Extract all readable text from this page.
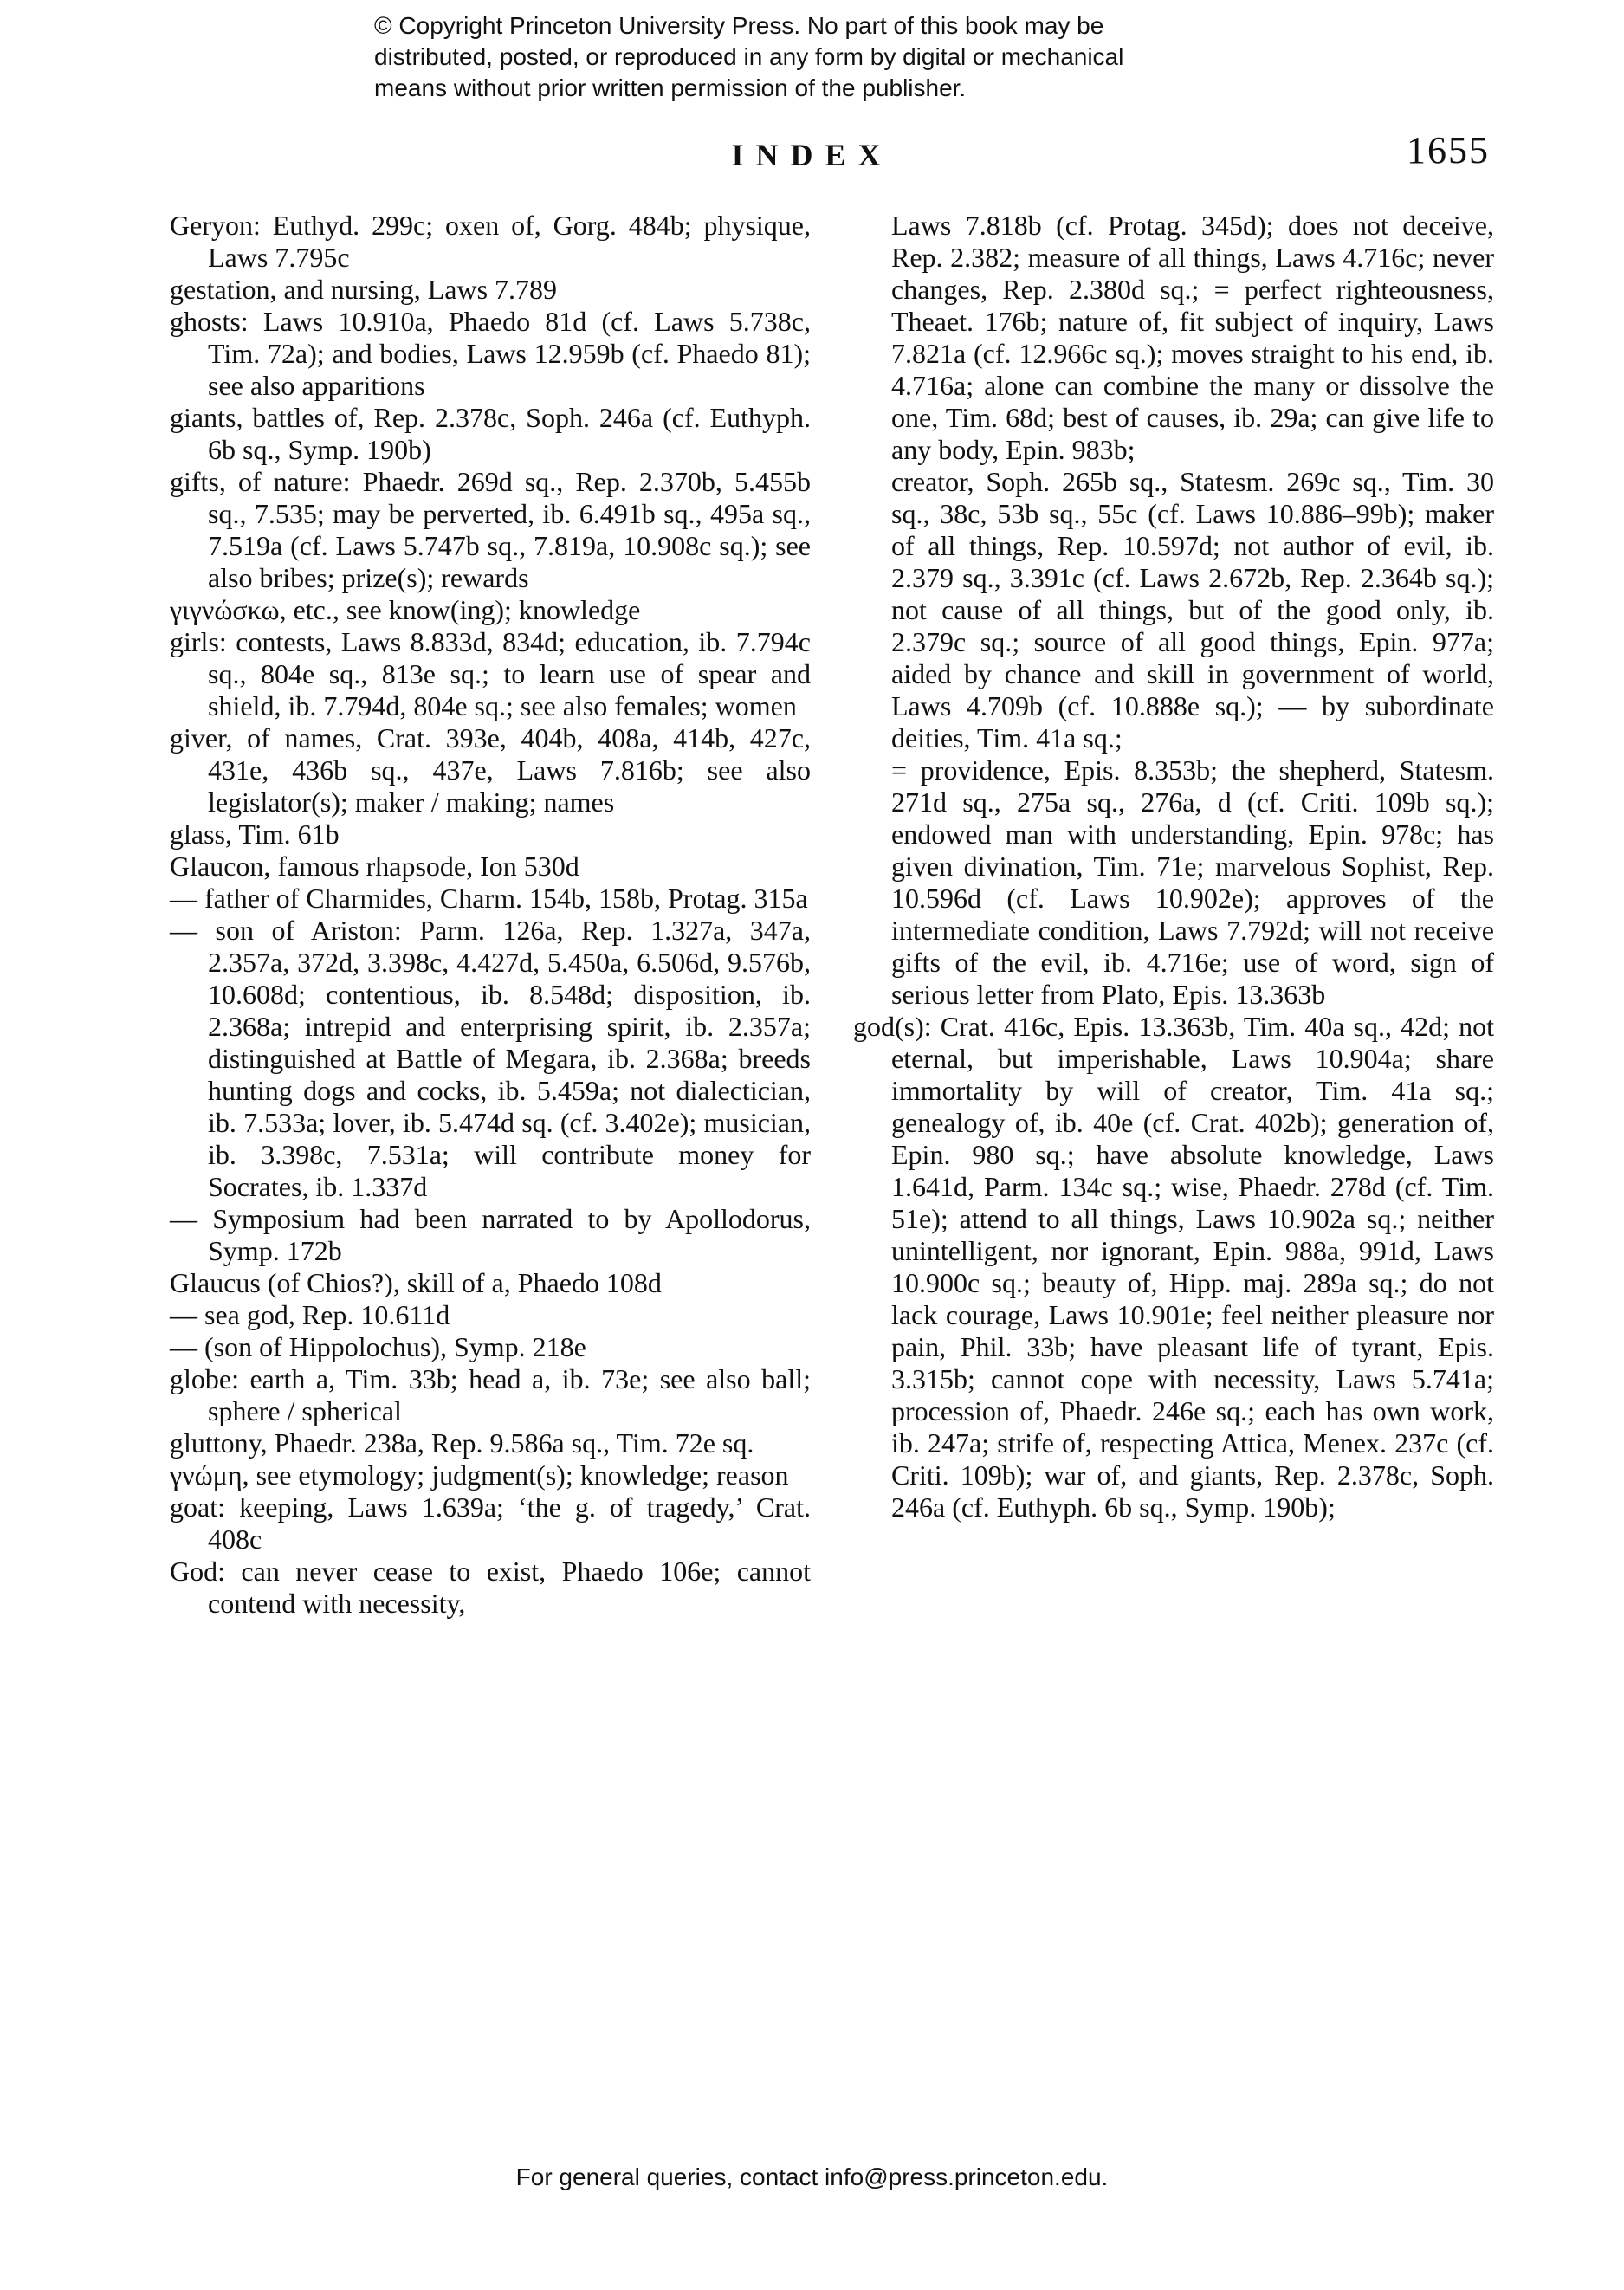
© Copyright Princeton University Press. No part of this book may be
distributed, posted, or reproduced in any form by digital or mechanical
means without prior written permission of the publisher.
INDEX	1655
Geryon: Euthyd. 299c; oxen of, Gorg. 484b; physique, Laws 7.795c
gestation, and nursing, Laws 7.789
ghosts: Laws 10.910a, Phaedo 81d (cf. Laws 5.738c, Tim. 72a); and bodies, Laws 12.959b (cf. Phaedo 81); see also apparitions
giants, battles of, Rep. 2.378c, Soph. 246a (cf. Euthyph. 6b sq., Symp. 190b)
gifts, of nature: Phaedr. 269d sq., Rep. 2.370b, 5.455b sq., 7.535; may be perverted, ib. 6.491b sq., 495a sq., 7.519a (cf. Laws 5.747b sq., 7.819a, 10.908c sq.); see also bribes; prize(s); rewards
γιγνώσκω, etc., see know(ing); knowledge
girls: contests, Laws 8.833d, 834d; education, ib. 7.794c sq., 804e sq., 813e sq.; to learn use of spear and shield, ib. 7.794d, 804e sq.; see also females; women
giver, of names, Crat. 393e, 404b, 408a, 414b, 427c, 431e, 436b sq., 437e, Laws 7.816b; see also legislator(s); maker / making; names
glass, Tim. 61b
Glaucon, famous rhapsode, Ion 530d
— father of Charmides, Charm. 154b, 158b, Protag. 315a
— son of Ariston: Parm. 126a, Rep. 1.327a, 347a, 2.357a, 372d, 3.398c, 4.427d, 5.450a, 6.506d, 9.576b, 10.608d; contentious, ib. 8.548d; disposition, ib. 2.368a; intrepid and enterprising spirit, ib. 2.357a; distinguished at Battle of Megara, ib. 2.368a; breeds hunting dogs and cocks, ib. 5.459a; not dialectician, ib. 7.533a; lover, ib. 5.474d sq. (cf. 3.402e); musician, ib. 3.398c, 7.531a; will contribute money for Socrates, ib. 1.337d
— Symposium had been narrated to by Apollodorus, Symp. 172b
Glaucus (of Chios?), skill of a, Phaedo 108d
— sea god, Rep. 10.611d
— (son of Hippolochus), Symp. 218e
globe: earth a, Tim. 33b; head a, ib. 73e; see also ball; sphere / spherical
gluttony, Phaedr. 238a, Rep. 9.586a sq., Tim. 72e sq.
γνώμη, see etymology; judgment(s); knowledge; reason
goat: keeping, Laws 1.639a; ‘the g. of tragedy,’ Crat. 408c
God: can never cease to exist, Phaedo 106e; cannot contend with necessity,
Laws 7.818b (cf. Protag. 345d); does not deceive, Rep. 2.382; measure of all things, Laws 4.716c; never changes, Rep. 2.380d sq.; = perfect righteousness, Theaet. 176b; nature of, fit subject of inquiry, Laws 7.821a (cf. 12.966c sq.); moves straight to his end, ib. 4.716a; alone can combine the many or dissolve the one, Tim. 68d; best of causes, ib. 29a; can give life to any body, Epin. 983b;
creator, Soph. 265b sq., Statesm. 269c sq., Tim. 30 sq., 38c, 53b sq., 55c (cf. Laws 10.886–99b); maker of all things, Rep. 10.597d; not author of evil, ib. 2.379 sq., 3.391c (cf. Laws 2.672b, Rep. 2.364b sq.); not cause of all things, but of the good only, ib. 2.379c sq.; source of all good things, Epin. 977a; aided by chance and skill in government of world, Laws 4.709b (cf. 10.888e sq.); — by subordinate deities, Tim. 41a sq.;
= providence, Epis. 8.353b; the shepherd, Statesm. 271d sq., 275a sq., 276a, d (cf. Criti. 109b sq.); endowed man with understanding, Epin. 978c; has given divination, Tim. 71e; marvelous Sophist, Rep. 10.596d (cf. Laws 10.902e); approves of the intermediate condition, Laws 7.792d; will not receive gifts of the evil, ib. 4.716e; use of word, sign of serious letter from Plato, Epis. 13.363b
god(s): Crat. 416c, Epis. 13.363b, Tim. 40a sq., 42d; not eternal, but imperishable, Laws 10.904a; share immortality by will of creator, Tim. 41a sq.; genealogy of, ib. 40e (cf. Crat. 402b); generation of, Epin. 980 sq.; have absolute knowledge, Laws 1.641d, Parm. 134c sq.; wise, Phaedr. 278d (cf. Tim. 51e); attend to all things, Laws 10.902a sq.; neither unintelligent, nor ignorant, Epin. 988a, 991d, Laws 10.900c sq.; beauty of, Hipp. maj. 289a sq.; do not lack courage, Laws 10.901e; feel neither pleasure nor pain, Phil. 33b; have pleasant life of tyrant, Epis. 3.315b; cannot cope with necessity, Laws 5.741a; procession of, Phaedr. 246e sq.; each has own work, ib. 247a; strife of, respecting Attica, Menex. 237c (cf. Criti. 109b); war of, and giants, Rep. 2.378c, Soph. 246a (cf. Euthyph. 6b sq., Symp. 190b);
For general queries, contact info@press.princeton.edu.
